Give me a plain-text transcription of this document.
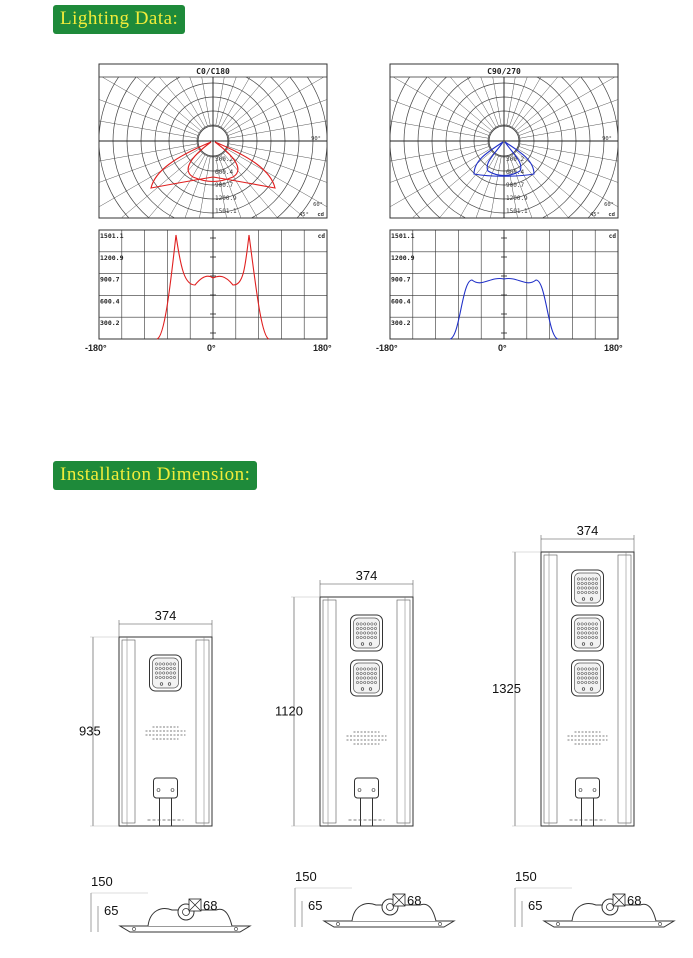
Lighting Data:
Installation Dimension:
C0/C180
300.2
600.4
900.7
1200.9
1501.1
90°
60°
45° cd
C90/270
300.2
600.4
900.7
1200.9
1501.1
90°
60°
45° cd
1501.1
1200.9
900.7
600.4
300.2
cd
-180°	0°	180°
1501.1
1200.9
900.7
600.4
300.2
cd
-180°	0°	180°
374
935
374
1120
374
1325
150
65	68
150
65	68
150
65	68
